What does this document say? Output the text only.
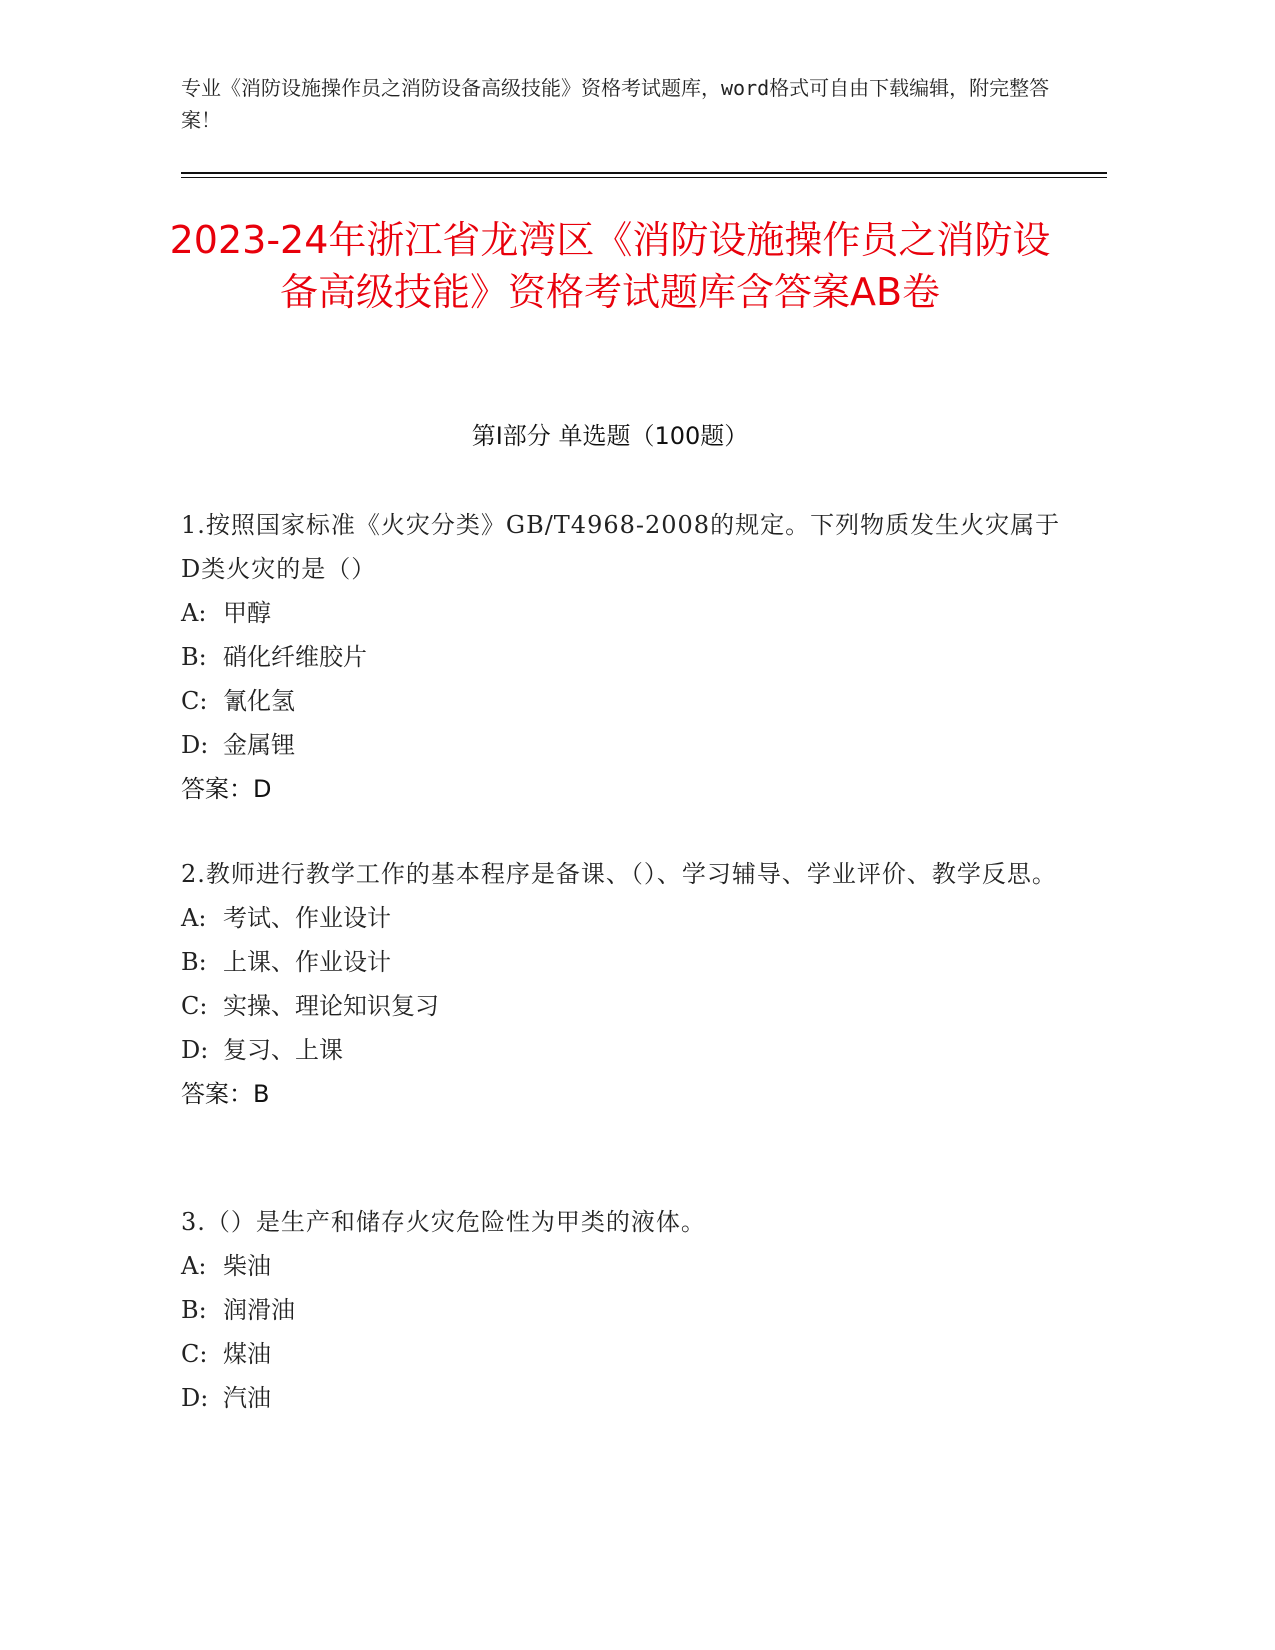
专业《消防设施操作员之消防设备高级技能》资格考试题库，word格式可自由下载编辑，附完整答案！
2023-24年浙江省龙湾区《消防设施操作员之消防设备高级技能》资格考试题库含答案AB卷
第Ⅰ部分 单选题（100题）
1.按照国家标准《火灾分类》GB/T4968-2008的规定。下列物质发生火灾属于D类火灾的是（）
A: 甲醇
B: 硝化纤维胶片
C: 氰化氢
D: 金属锂
答案：D
2.教师进行教学工作的基本程序是备课、（）、学习辅导、学业评价、教学反思。
A: 考试、作业设计
B: 上课、作业设计
C: 实操、理论知识复习
D: 复习、上课
答案：B
3.（）是生产和储存火灾危险性为甲类的液体。
A: 柴油
B: 润滑油
C: 煤油
D: 汽油
